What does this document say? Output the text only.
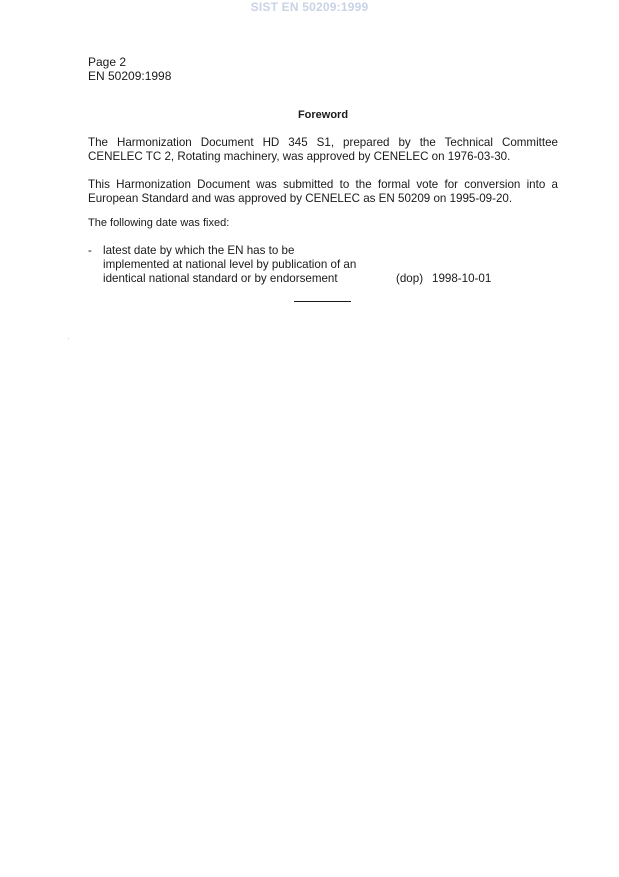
SIST EN 50209:1999
Page 2
EN 50209:1998
Foreword
The Harmonization Document HD 345 S1, prepared by the Technical Committee CENELEC TC 2, Rotating machinery, was approved by CENELEC on 1976-03-30.
This Harmonization Document was submitted to the formal vote for conversion into a European Standard and was approved by CENELEC as EN 50209 on 1995-09-20.
The following date was fixed:
- latest date by which the EN has to be
implemented at national level by publication of an
identical national standard or by endorsement	(dop) 1998-10-01
